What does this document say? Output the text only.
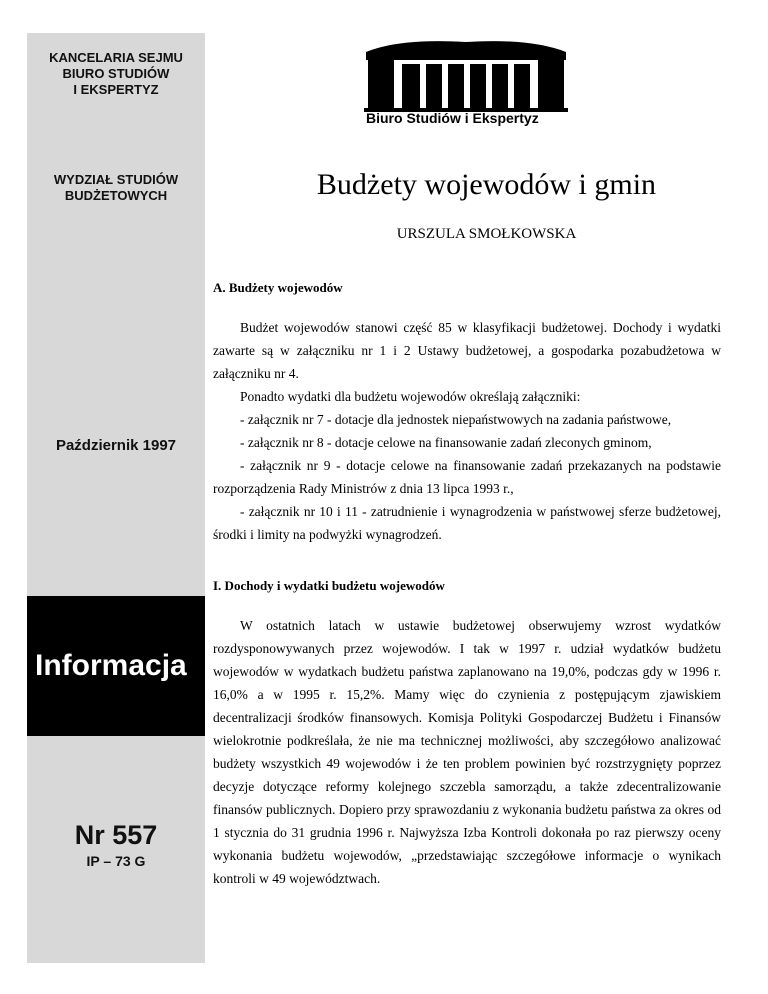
KANCELARIA SEJMU
BIURO STUDIÓW
I EKSPERTYZ
WYDZIAŁ STUDIÓW
BUDŻETOWYCH
Październik 1997
Informacja
Nr 557
IP – 73 G
Biuro Studiów i Ekspertyz
Budżety wojewodów i gmin
URSZULA SMOŁKOWSKA

A. Budżety wojewodów

Budżet wojewodów stanowi część 85 w klasyfikacji budżetowej. Dochody i wydatki zawarte są w załączniku nr 1 i 2 Ustawy budżetowej, a gospodarka pozabudżetowa w załączniku nr 4.

Ponadto wydatki dla budżetu wojewodów określają załączniki:

- załącznik nr 7 - dotacje dla jednostek niepaństwowych na zadania państwowe,

- załącznik nr 8 - dotacje celowe na finansowanie zadań zleconych gminom,

- załącznik nr 9 - dotacje celowe na finansowanie zadań przekazanych na podstawie rozporządzenia Rady Ministrów z dnia 13 lipca 1993 r.,

- załącznik nr 10 i 11 - zatrudnienie i wynagrodzenia w państwowej sferze budżetowej, środki i limity na podwyżki wynagrodzeń.

I. Dochody i wydatki budżetu wojewodów

W ostatnich latach w ustawie budżetowej obserwujemy wzrost wydatków rozdysponowywanych przez wojewodów. I tak w 1997 r. udział wydatków budżetu wojewodów w wydatkach budżetu państwa zaplanowano na 19,0%, podczas gdy w 1996 r. 16,0% a w 1995 r. 15,2%. Mamy więc do czynienia z postępującym zjawiskiem decentralizacji środków finansowych. Komisja Polityki Gospodarczej Budżetu i Finansów wielokrotnie podkreślała, że nie ma technicznej możliwości, aby szczegółowo analizować budżety wszystkich 49 wojewodów i że ten problem powinien być rozstrzygnięty poprzez decyzje dotyczące reformy kolejnego szczebla samorządu, a także zdecentralizowanie finansów publicznych. Dopiero przy sprawozdaniu z wykonania budżetu państwa za okres od 1 stycznia do 31 grudnia 1996 r. Najwyższa Izba Kontroli dokonała po raz pierwszy oceny wykonania budżetu wojewodów, „przedstawiając szczegółowe informacje o wynikach kontroli w 49 województwach.
